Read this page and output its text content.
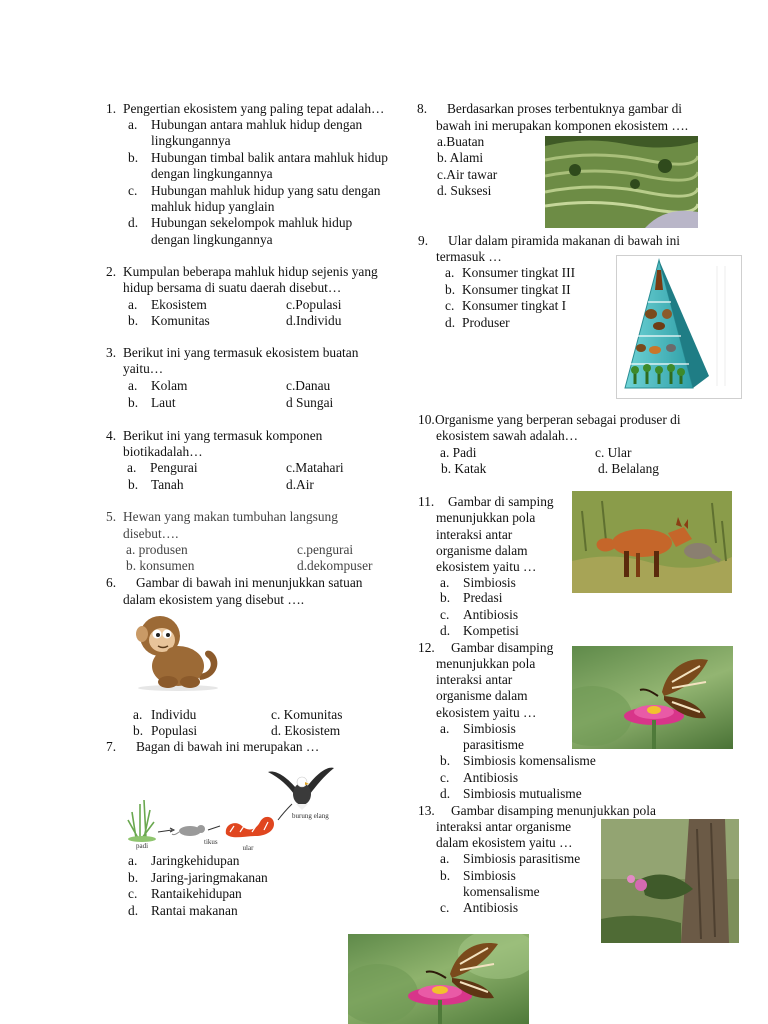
1. Pengertian ekosistem yang paling tepat adalah…
a. Hubungan antara mahluk hidup dengan
lingkungannya
b. Hubungan timbal balik antara mahluk hidup
dengan lingkungannya
c. Hubungan mahluk hidup yang satu dengan
mahluk hidup yanglain
d. Hubungan sekelompok mahluk hidup
dengan lingkungannya
2. Kumpulan beberapa mahluk hidup sejenis yang
hidup bersama di suatu daerah disebut…
a. Ekosistem	c.Populasi
b. Komunitas	d.Individu
3. Berikut ini yang termasuk ekosistem buatan
yaitu…
a. Kolam	c.Danau
b. Laut	d Sungai
4. Berikut ini yang termasuk komponen
biotikadalah…
a. Pengurai	c.Matahari
b. Tanah	d.Air
5. Hewan yang makan tumbuhan langsung
disebut….
a. produsen	c.pengurai
b. konsumen	d.dekompuser
6. Gambar di bawah ini menunjukkan satuan
dalam ekosistem yang disebut ….
a. Individu	c. Komunitas
b. Populasi	d. Ekosistem
7. Bagan di bawah ini merupakan …
padi	tikus
ular
burung elang
a. Jaringkehidupan
b. Jaring-jaringmakanan
c. Rantaikehidupan
d. Rantai makanan
8. Berdasarkan proses terbentuknya gambar di
bawah ini merupakan komponen ekosistem ….
a.Buatan
b. Alami
c.Air tawar
d. Suksesi
9. Ular dalam piramida makanan di bawah ini
termasuk …
a. Konsumer tingkat III
b. Konsumer tingkat II
c. Konsumer tingkat I
d. Produser
10. Organisme yang berperan sebagai produser di
ekosistem sawah adalah…
a. Padi	c. Ular
b. Katak	d. Belalang
11. Gambar di samping
menunjukkan pola
interaksi antar
organisme dalam
ekosistem yaitu …
a. Simbiosis
b. Predasi
c. Antibiosis
d. Kompetisi
12. Gambar disamping
menunjukkan pola
interaksi antar
organisme dalam
ekosistem yaitu …
a. Simbiosis
parasitisme
b. Simbiosis komensalisme
c. Antibiosis
d. Simbiosis mutualisme
13. Gambar disamping menunjukkan pola
interaksi antar organisme
dalam ekosistem yaitu …
a. Simbiosis parasitisme
b. Simbiosis
komensalisme
c. Antibiosis
